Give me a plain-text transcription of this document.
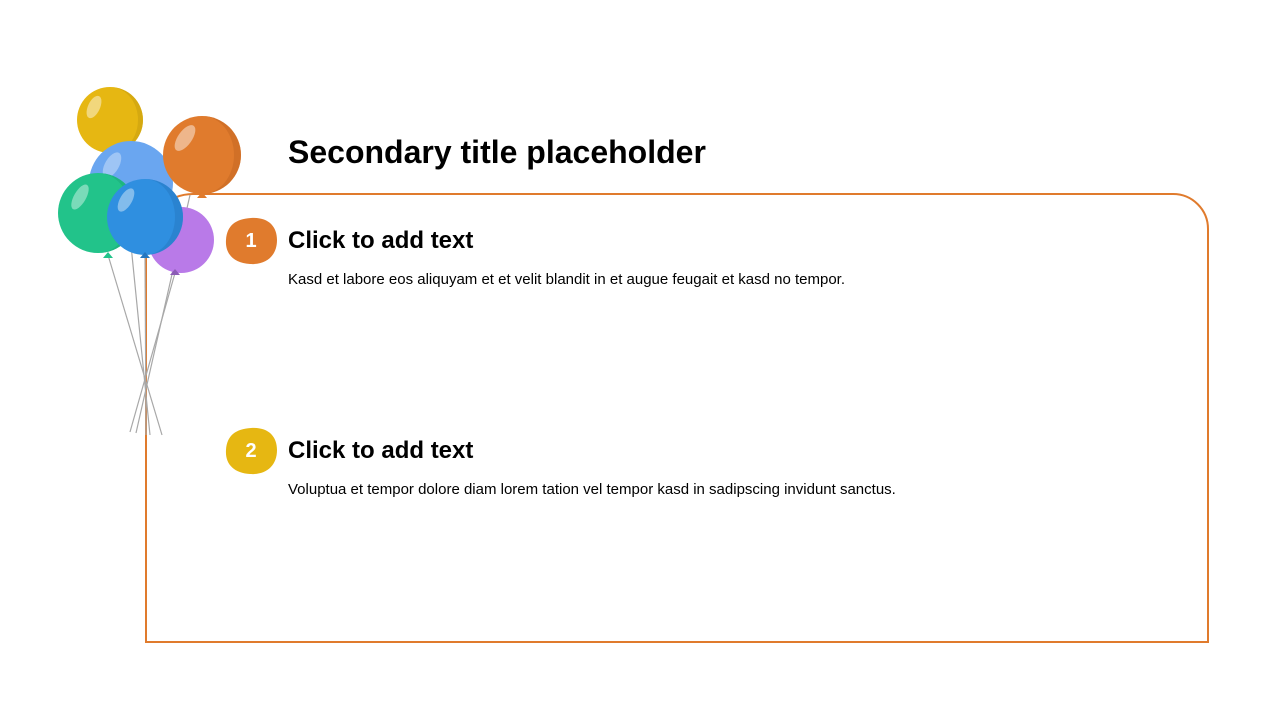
Secondary title placeholder
1	Click to add text

Kasd et labore eos aliquyam et et velit blandit in et augue feugait et kasd no tempor.

2	Click to add text

Voluptua et tempor dolore diam lorem tation vel tempor kasd in sadipscing invidunt sanctus.
